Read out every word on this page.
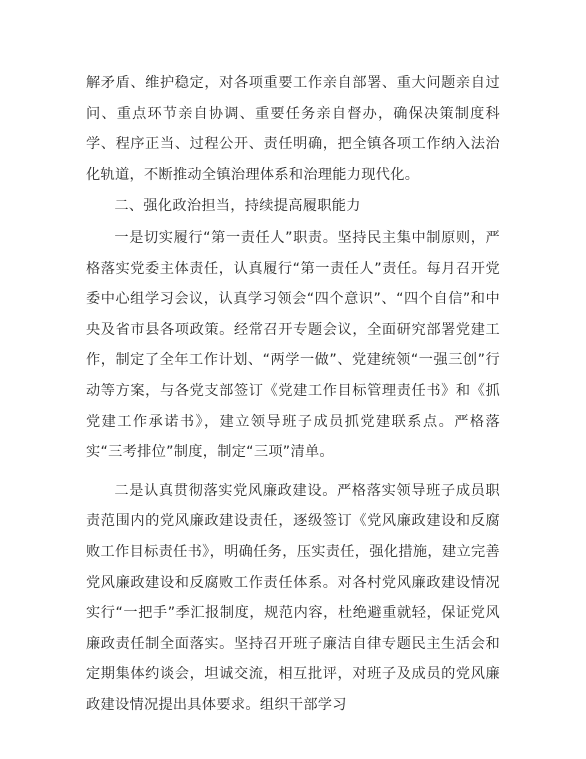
解矛盾、维护稳定，对各项重要工作亲自部署、重大问题亲自过问、重点环节亲自协调、重要任务亲自督办，确保决策制度科学、程序正当、过程公开、责任明确，把全镇各项工作纳入法治化轨道，不断推动全镇治理体系和治理能力现代化。

二、强化政治担当，持续提高履职能力

一是切实履行“第一责任人”职责。坚持民主集中制原则，严格落实党委主体责任，认真履行“第一责任人”责任。每月召开党委中心组学习会议，认真学习领会“四个意识”、“四个自信”和中央及省市县各项政策。经常召开专题会议，全面研究部署党建工作，制定了全年工作计划、“两学一做”、党建统领“一强三创”行动等方案，与各党支部签订《党建工作目标管理责任书》和《抓党建工作承诺书》，建立领导班子成员抓党建联系点。严格落实“三考排位”制度，制定“三项”清单。

二是认真贯彻落实党风廉政建设。严格落实领导班子成员职责范围内的党风廉政建设责任，逐级签订《党风廉政建设和反腐败工作目标责任书》，明确任务，压实责任，强化措施，建立完善党风廉政建设和反腐败工作责任体系。对各村党风廉政建设情况实行“一把手”季汇报制度，规范内容，杜绝避重就轻，保证党风廉政责任制全面落实。坚持召开班子廉洁自律专题民主生活会和定期集体约谈会，坦诚交流，相互批评，对班子及成员的党风廉政建设情况提出具体要求。组织干部学习
